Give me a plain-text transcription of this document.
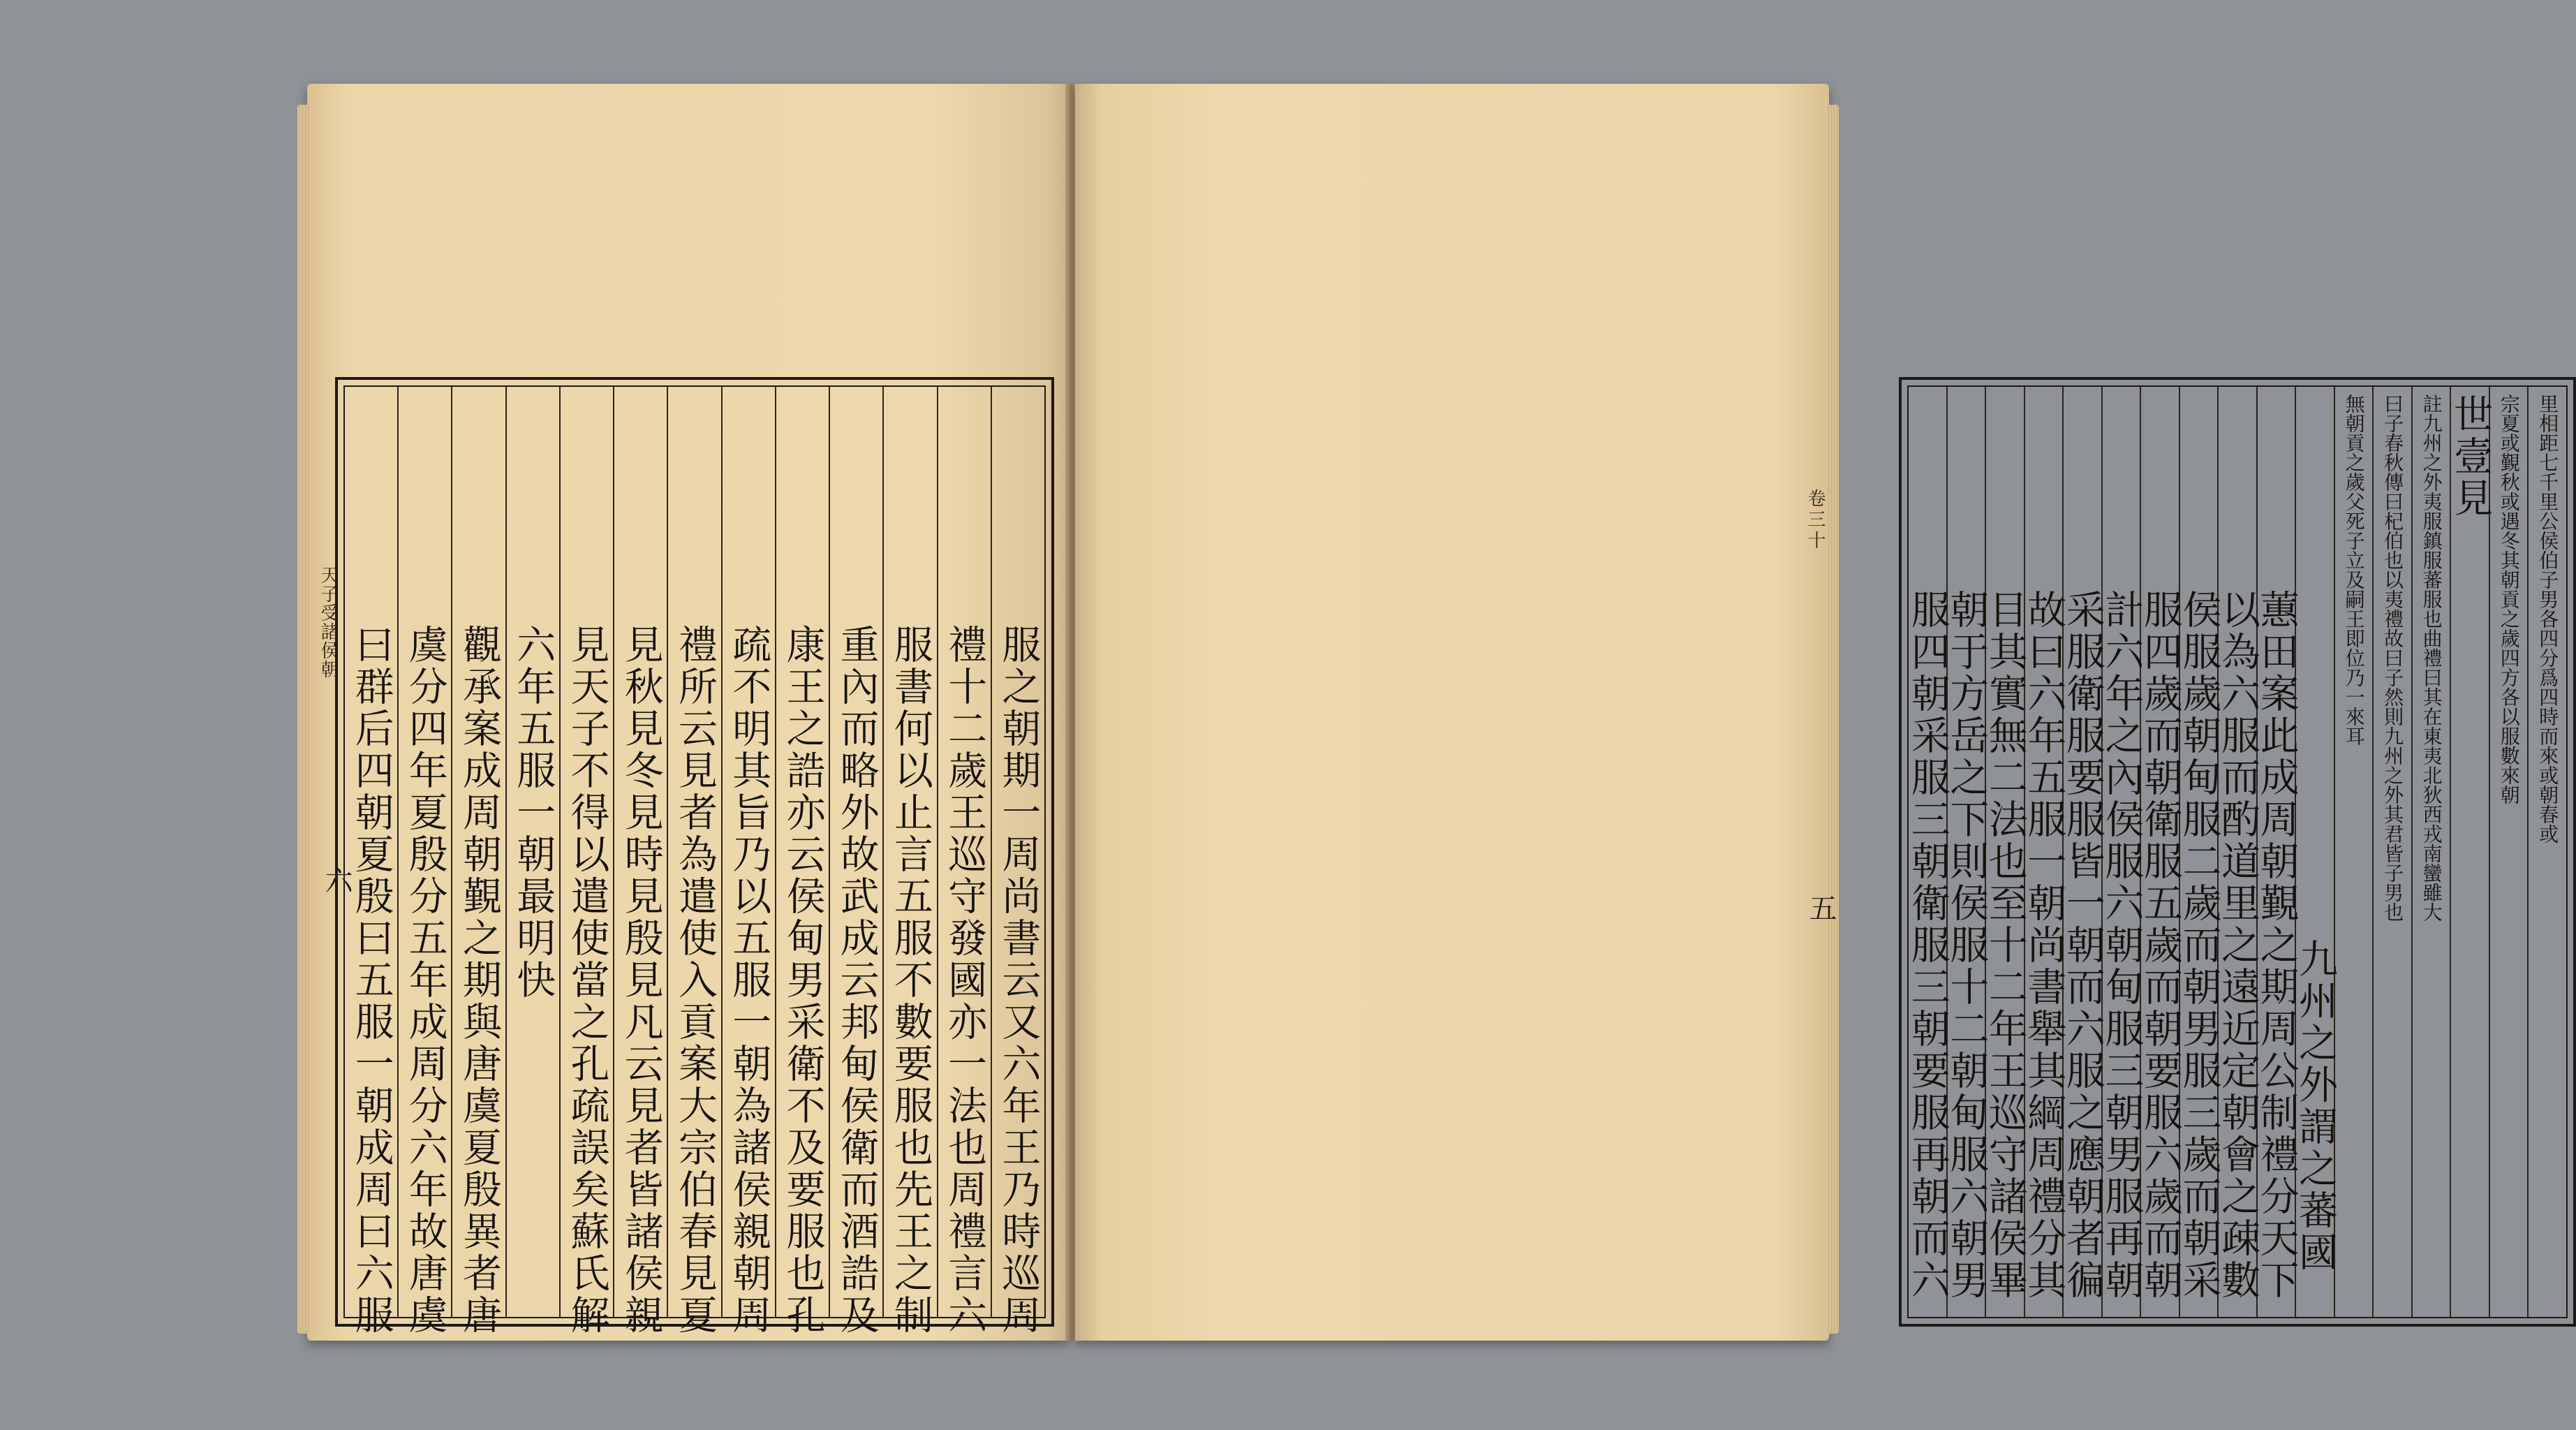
天子受諸侯朝
六	服之朝期一周尚書云又六年王乃時巡周
禮十二歲王巡守發國亦一法也周禮言六
服書何以止言五服不數要服也先王之制
重內而略外故武成云邦甸侯衛而酒誥及
康王之誥亦云侯甸男采衛不及要服也孔
疏不明其旨乃以五服一朝為諸侯親朝周
禮所云見者為遣使入貢案大宗伯春見夏
見秋見冬見時見殷見凡云見者皆諸侯親
見天子不得以遣使當之孔疏誤矣蘇氏解
六年五服一朝最明快
觀承案成周朝覲之期與唐虞夏殷異者唐
虞分四年夏殷分五年成周分六年故唐虞
曰群后四朝夏殷曰五服一朝成周曰六服
卷三十
五
里相距七千里公侯伯子男各四分爲四時而來或朝春或
宗夏或覲秋或遇冬其朝貢之歲四方各以服數來朝
世壹見
註九州之外夷服鎮服蕃服也曲禮曰其在東夷北狄西戎南蠻雖大
曰子春秋傳曰杞伯也以夷禮故曰子然則九州之外其君皆子男也
無朝貢之歲父死子立及嗣王即位乃一來耳
九州之外謂之蕃國
蕙田案此成周朝覲之期周公制禮分天下
以為六服而酌道里之遠近定朝會之疎數
侯服歲朝甸服二歲而朝男服三歲而朝采
服四歲而朝衛服五歲而朝要服六歲而朝
計六年之內侯服六朝甸服三朝男服再朝
采服衛服要服皆一朝而六服之應朝者徧
故曰六年五服一朝尚書舉其綱周禮分其
目其實無二法也至十二年王巡守諸侯畢
朝于方岳之下則侯服十二朝甸服六朝男
服四朝采服三朝衛服三朝要服再朝而六
